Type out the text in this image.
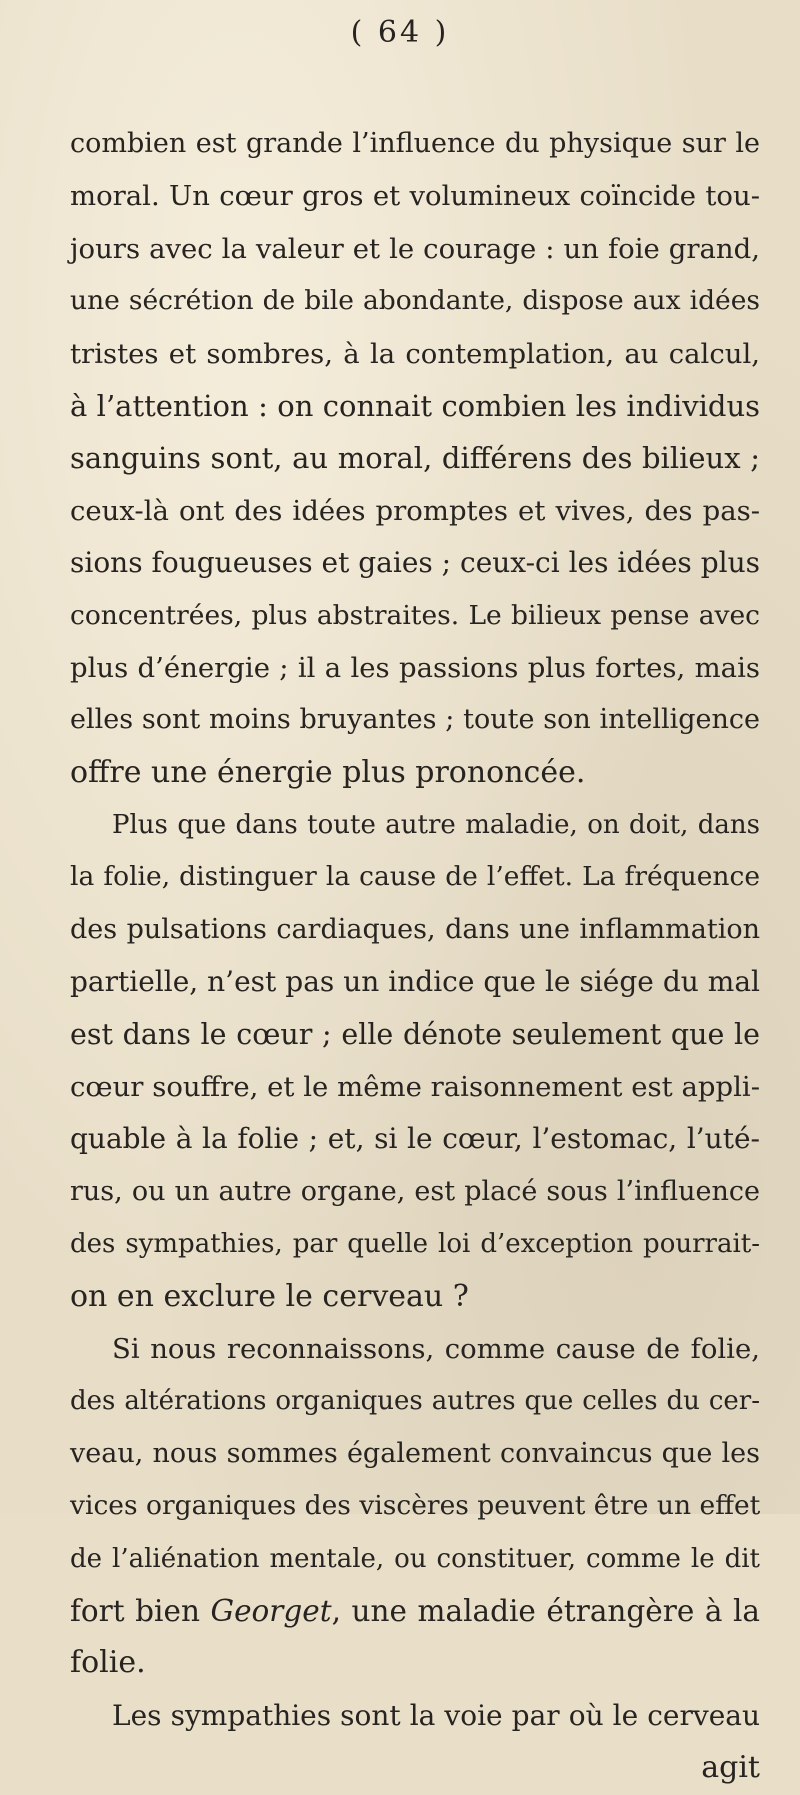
( 64 )
combien est grande l’influence du physique sur le
moral. Un cœur gros et volumineux coïncide tou-
jours avec la valeur et le courage : un foie grand,
une sécrétion de bile abondante, dispose aux idées
tristes et sombres, à la contemplation, au calcul,
à l’attention : on connait combien les individus
sanguins sont, au moral, différens des bilieux ;
ceux-là ont des idées promptes et vives, des pas-
sions fougueuses et gaies ; ceux-ci les idées plus
concentrées, plus abstraites. Le bilieux pense avec
plus d’énergie ; il a les passions plus fortes, mais
elles sont moins bruyantes ; toute son intelligence
offre une énergie plus prononcée.
Plus que dans toute autre maladie, on doit, dans
la folie, distinguer la cause de l’effet. La fréquence
des pulsations cardiaques, dans une inflammation
partielle, n’est pas un indice que le siége du mal
est dans le cœur ; elle dénote seulement que le
cœur souffre, et le même raisonnement est appli-
quable à la folie ; et, si le cœur, l’estomac, l’uté-
rus, ou un autre organe, est placé sous l’influence
des sympathies, par quelle loi d’exception pourrait-
on en exclure le cerveau ?
Si nous reconnaissons, comme cause de folie,
des altérations organiques autres que celles du cer-
veau, nous sommes également convaincus que les
vices organiques des viscères peuvent être un effet
de l’aliénation mentale, ou constituer, comme le dit
fort bien Georget, une maladie étrangère à la
folie.
Les sympathies sont la voie par où le cerveau
agit
